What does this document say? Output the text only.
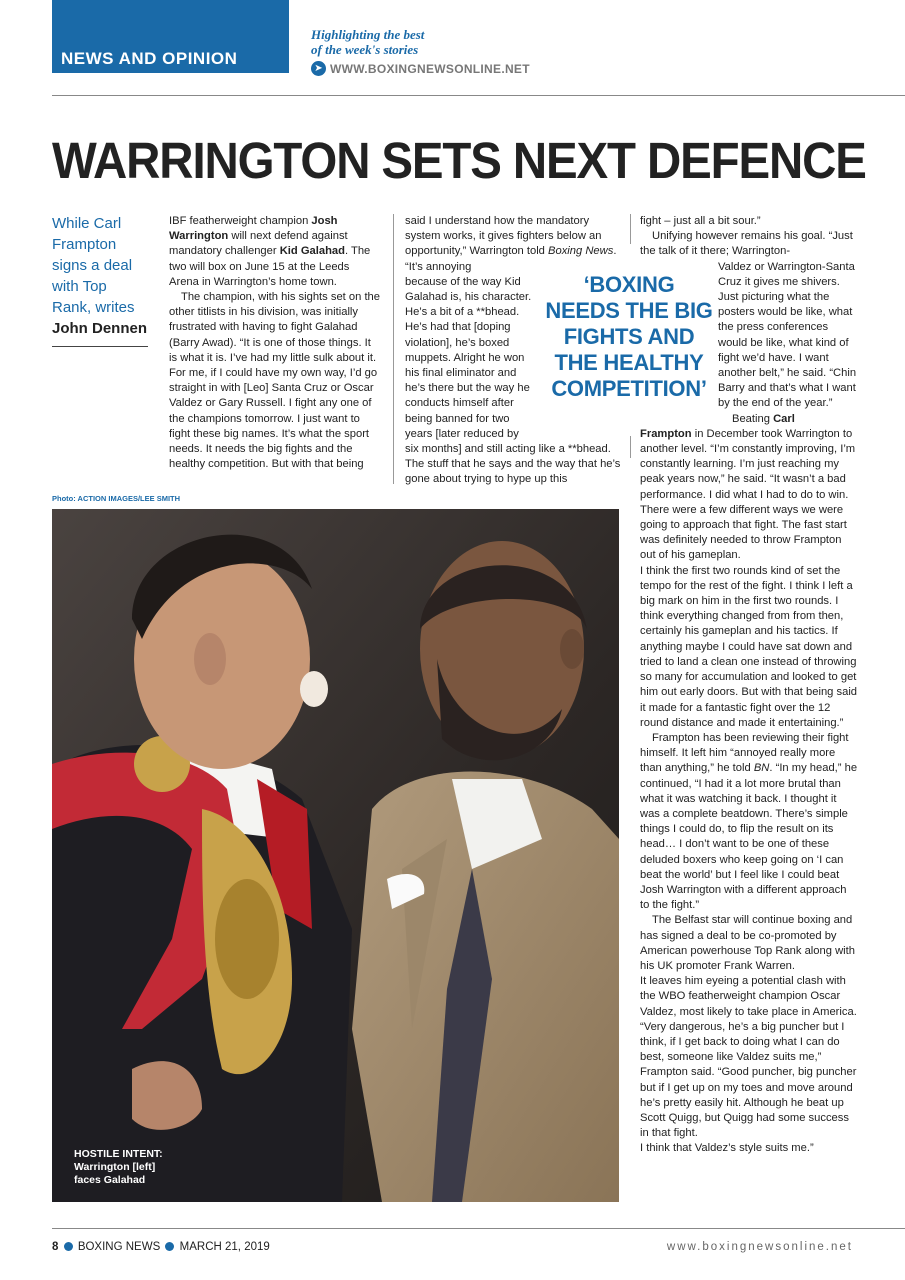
NEWS AND OPINION
Highlighting the best
of the week's stories
➤ WWW.BOXINGNEWSONLINE.NET
WARRINGTON SETS NEXT DEFENCE
While Carl Frampton signs a deal with Top Rank, writes John Dennen

IBF featherweight champion Josh Warrington will next defend against mandatory challenger Kid Galahad. The two will box on June 15 at the Leeds Arena in Warrington’s home town.

The champion, with his sights set on the other titlists in his division, was initially frustrated with having to fight Galahad (Barry Awad). “It is one of those things. It is what it is. I’ve had my little sulk about it. For me, if I could have my own way, I’d go straight in with [Leo] Santa Cruz or Oscar Valdez or Gary Russell. I fight any one of the champions tomorrow. I just want to fight these big names. It’s what the sport needs. It needs the big fights and the healthy competition. But with that being

said I understand how the mandatory system works, it gives fighters below an opportunity,” Warrington told Boxing News. “It’s annoying
because of the way Kid
Galahad is, his character.
He’s a bit of a **bhead.
He’s had that [doping
violation], he’s boxed
muppets. Alright he won
his final eliminator and
he’s there but the way he
conducts himself after
being banned for two
years [later reduced by
six months] and still acting like a **bhead. The stuff that he says and the way that he’s gone about trying to hype up this

‘BOXING NEEDS THE BIG FIGHTS AND THE HEALTHY COMPETITION’

fight – just all a bit sour.”

Unifying however remains his goal. “Just the talk of it there; Warrington-

Valdez or Warrington-Santa Cruz it gives me shivers. Just picturing what the posters would be like, what the press conferences would be like, what kind of fight we’d have. I want another belt,” he said. “Chin Barry and that’s what I want by the end of the year.”

Beating Carl

Frampton in December took Warrington to another level. “I’m constantly improving, I’m constantly learning. I’m just reaching my peak years now,” he said. “It wasn’t a bad performance. I did what I had to do to win. There were a few different ways we were going to approach that fight. The fast start was definitely needed to throw Frampton out of his gameplan.
I think the first two rounds kind of set the tempo for the rest of the fight. I think I left a big mark on him in the first two rounds. I think everything changed from from then, certainly his gameplan and his tactics. If anything maybe I could have sat down and tried to land a clean one instead of throwing so many for accumulation and looked to get him out early doors. But with that being said it made for a fantastic fight over the 12 round distance and made it entertaining.”

Frampton has been reviewing their fight himself. It left him “annoyed really more than anything,” he told BN. “In my head,” he continued, “I had it a lot more brutal than what it was watching it back. I thought it was a complete beatdown. There’s simple things I could do, to flip the result on its head… I don’t want to be one of these deluded boxers who keep going on ‘I can beat the world’ but I feel like I could beat Josh Warrington with a different approach to the fight.”

The Belfast star will continue boxing and has signed a deal to be co-promoted by American powerhouse Top Rank along with his UK promoter Frank Warren.
It leaves him eyeing a potential clash with the WBO featherweight champion Oscar Valdez, most likely to take place in America. “Very dangerous, he’s a big puncher but I think, if I get back to doing what I can do best, someone like Valdez suits me,” Frampton said. “Good puncher, big puncher but if I get up on my toes and move around he’s pretty easily hit. Although he beat up Scott Quigg, but Quigg had some success in that fight.
I think that Valdez’s style suits me.”

Photo: ACTION IMAGES/LEE SMITH
HOSTILE INTENT:
Warrington [left]
faces Galahad
8 BOXING NEWS MARCH 21, 2019	www.boxingnewsonline.net
